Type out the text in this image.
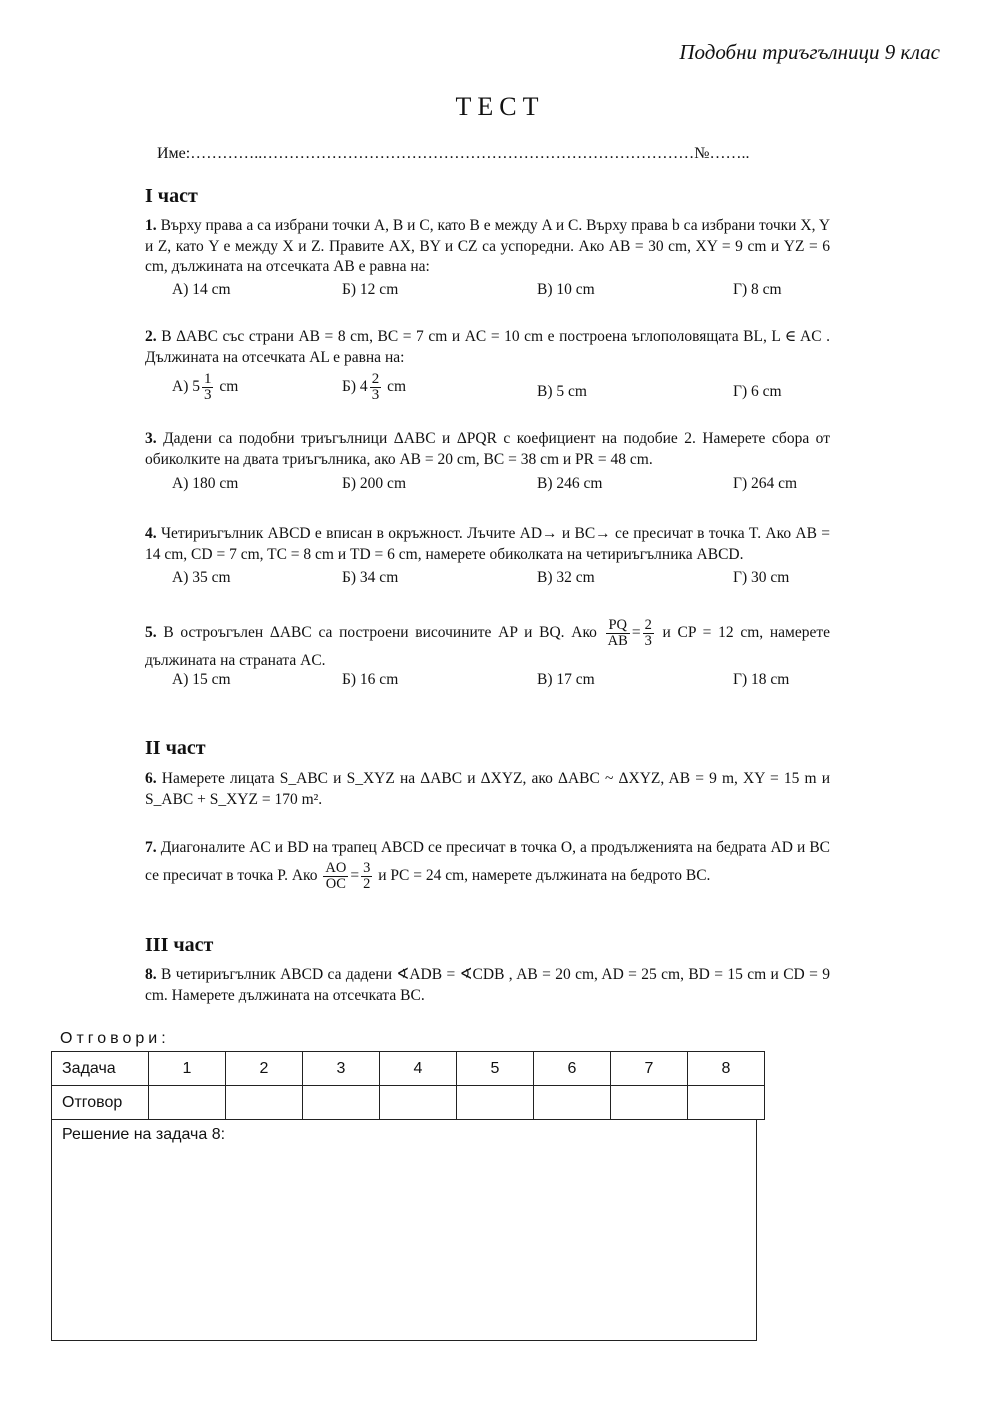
Подобни триъгълници 9 клас
ТЕСТ
Име:…………..………………………………………………………………………№……..
I част
1. Върху права a са избрани точки A, B и C, като B е между A и C. Върху права b са избрани точки X, Y и Z, като Y е между X и Z. Правите AX, BY и CZ са успоредни. Ако AB = 30 cm, XY = 9 cm и YZ = 6 cm, дължината на отсечката AB е равна на:
А) 14 cm	Б) 12 cm	В) 10 cm	Г) 8 cm
2. В ΔABC със страни AB = 8 cm, BC = 7 cm и AC = 10 cm е построена ъглополовящата BL, L ∈ AC . Дължината на отсечката AL е равна на:
А) $5 \frac{1}{3}$ cm	Б) $4 \frac{2}{3}$ cm	В) 5 cm	Г) 6 cm
3. Дадени са подобни триъгълници ΔABC и ΔPQR с коефициент на подобие 2. Намерете сбора от обиколките на двата триъгълника, ако AB = 20 cm, BC = 38 cm и PR = 48 cm.
А) 180 cm	Б) 200 cm	В) 246 cm	Г) 264 cm
4. Четириъгълник ABCD е вписан в окръжност. Лъчите AD→ и BC→ се пресичат в точка T. Ако AB = 14 cm, CD = 7 cm, TC = 8 cm и TD = 6 cm, намерете обиколката на четириъгълника ABCD.
А) 35 cm	Б) 34 cm	В) 32 cm	Г) 30 cm
5. В остроъгълен ΔABC са построени височините AP и BQ. Ако $\frac{PQ}{AB} = \frac{2}{3}$ и CP = 12 cm, намерете дължината на страната AC.
А) 15 cm	Б) 16 cm	В) 17 cm	Г) 18 cm
II част
6. Намерете лицата S_ABC и S_XYZ на ΔABC и ΔXYZ, ако ΔABC ~ ΔXYZ, AB = 9 m, XY = 15 m и S_ABC + S_XYZ = 170 m².
7. Диагоналите AC и BD на трапец ABCD се пресичат в точка O, а продълженията на бедрата AD и BC се пресичат в точка P. Ако $\frac{AO}{OC} = \frac{3}{2}$ и PC = 24 cm, намерете дължината на бедрото BC.
III част
8. В четириъгълник ABCD са дадени ∢ADB = ∢CDB , AB = 20 cm, AD = 25 cm, BD = 15 cm и CD = 9 cm. Намерете дължината на отсечката BC.
Отговори:
Задача	1	2	3	4	5	6	7	8
Отговор								
Решение на задача 8:
